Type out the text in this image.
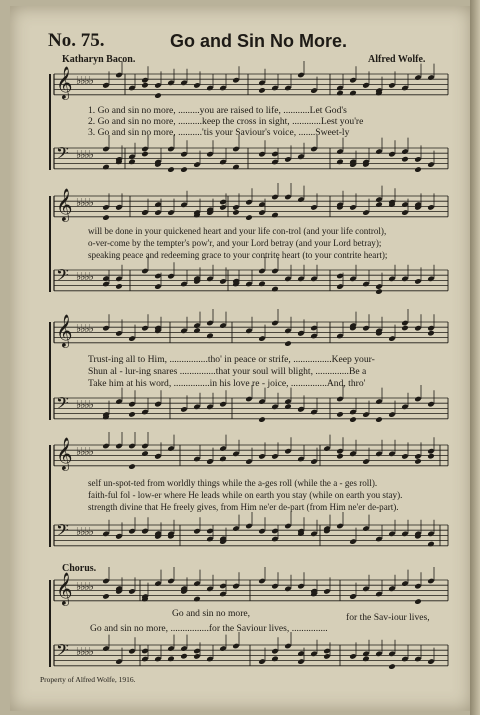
No. 75.	Go and Sin No More.
Katharyn Bacon.	Alfred Wolfe.
𝄞 ♭♭♭♭
𝄢 ♭♭♭♭
𝄞 ♭♭♭♭
𝄢 ♭♭♭♭
𝄞 ♭♭♭♭
𝄢 ♭♭♭♭
𝄞 ♭♭♭♭
𝄢 ♭♭♭♭
𝄞 ♭♭♭♭
𝄢 ♭♭♭♭
1. Go and sin no more, .........you are raised to life, ...........Let God's
2. Go and sin no more, ..........keep the cross in sight, ............Lest you're
3. Go and sin no more, ..........'tis your Saviour's voice, .......Sweet-ly
will be done in your quickened heart and your life con-trol (and your life control),
o-ver-come by the tempter's pow'r, and your Lord betray (and your Lord betray);
speaking peace and redeeming grace to your contrite heart (to your contrite heart);
Trust-ing all to Him, ................tho' in peace or strife, ................Keep your-
Shun al - lur-ing snares ...............that your soul will blight, ..............Be a
Take him at his word, ...............in his love re - joice, ...............And, thro'
self un-spot-ted from worldly things while the a-ges roll (while the a - ges roll).
faith-ful fol - low-er where He leads while on earth you stay (while on earth you stay).
strength divine that He freely gives, from Him ne'er de-part (from Him ne'er de-part).
Chorus.
Go and sin no more,	for the Sav-iour lives,
Go and sin no more, ................for the Saviour lives, ...............
Property of Alfred Wolfe, 1916.
